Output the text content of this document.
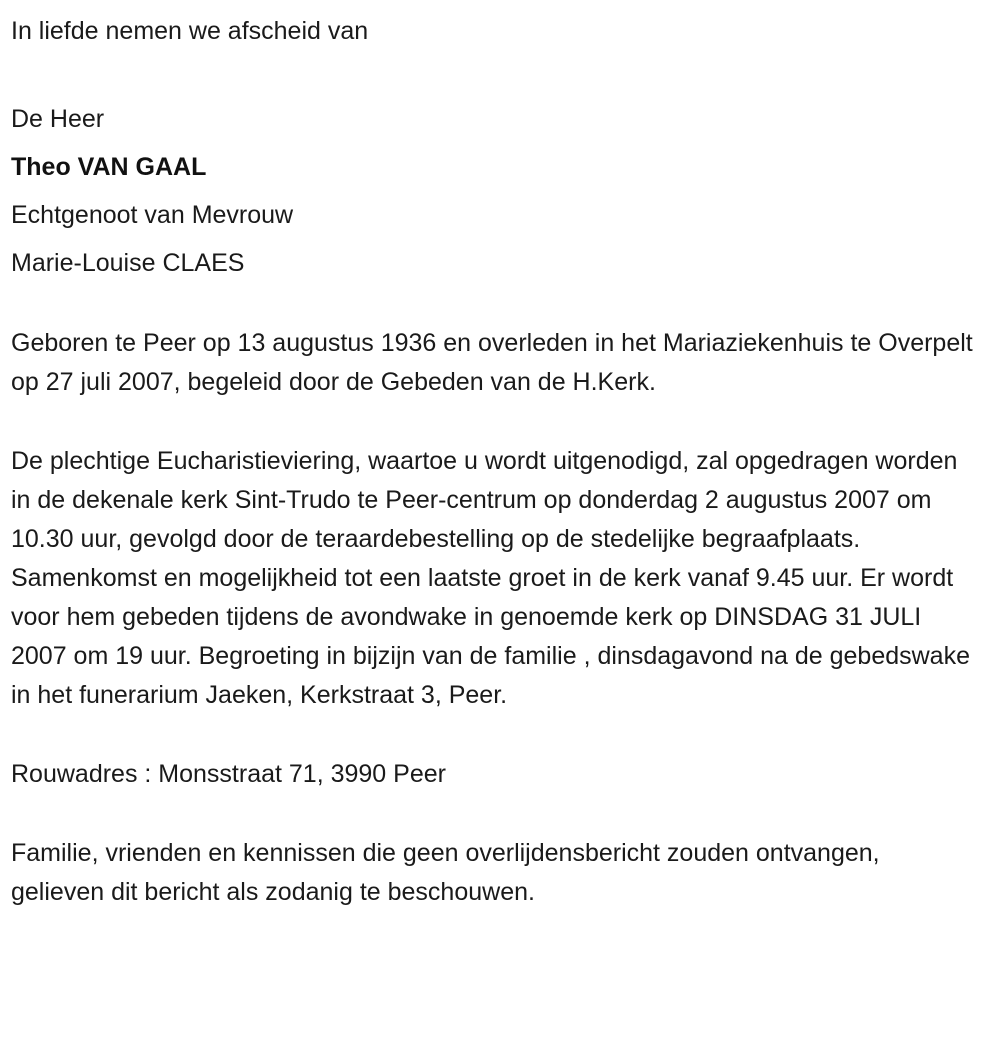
In liefde nemen we afscheid van

De Heer

Theo VAN GAAL

Echtgenoot van Mevrouw

Marie-Louise CLAES

Geboren te Peer op 13 augustus 1936 en overleden in het Mariaziekenhuis te Overpelt op 27 juli 2007, begeleid door de Gebeden van de H.Kerk.

De plechtige Eucharistieviering, waartoe u wordt uitgenodigd, zal opgedragen worden in de dekenale kerk Sint-Trudo te Peer-centrum op donderdag 2 augustus 2007 om 10.30 uur, gevolgd door de teraardebestelling op de stedelijke begraafplaats. Samenkomst en mogelijkheid tot een laatste groet in de kerk vanaf 9.45 uur. Er wordt voor hem gebeden tijdens de avondwake in genoemde kerk op DINSDAG 31 JULI 2007 om 19 uur. Begroeting in bijzijn van de familie , dinsdagavond na de gebedswake in het funerarium Jaeken, Kerkstraat 3, Peer.

Rouwadres : Monsstraat 71, 3990 Peer

Familie, vrienden en kennissen die geen overlijdensbericht zouden ontvangen, gelieven dit bericht als zodanig te beschouwen.
